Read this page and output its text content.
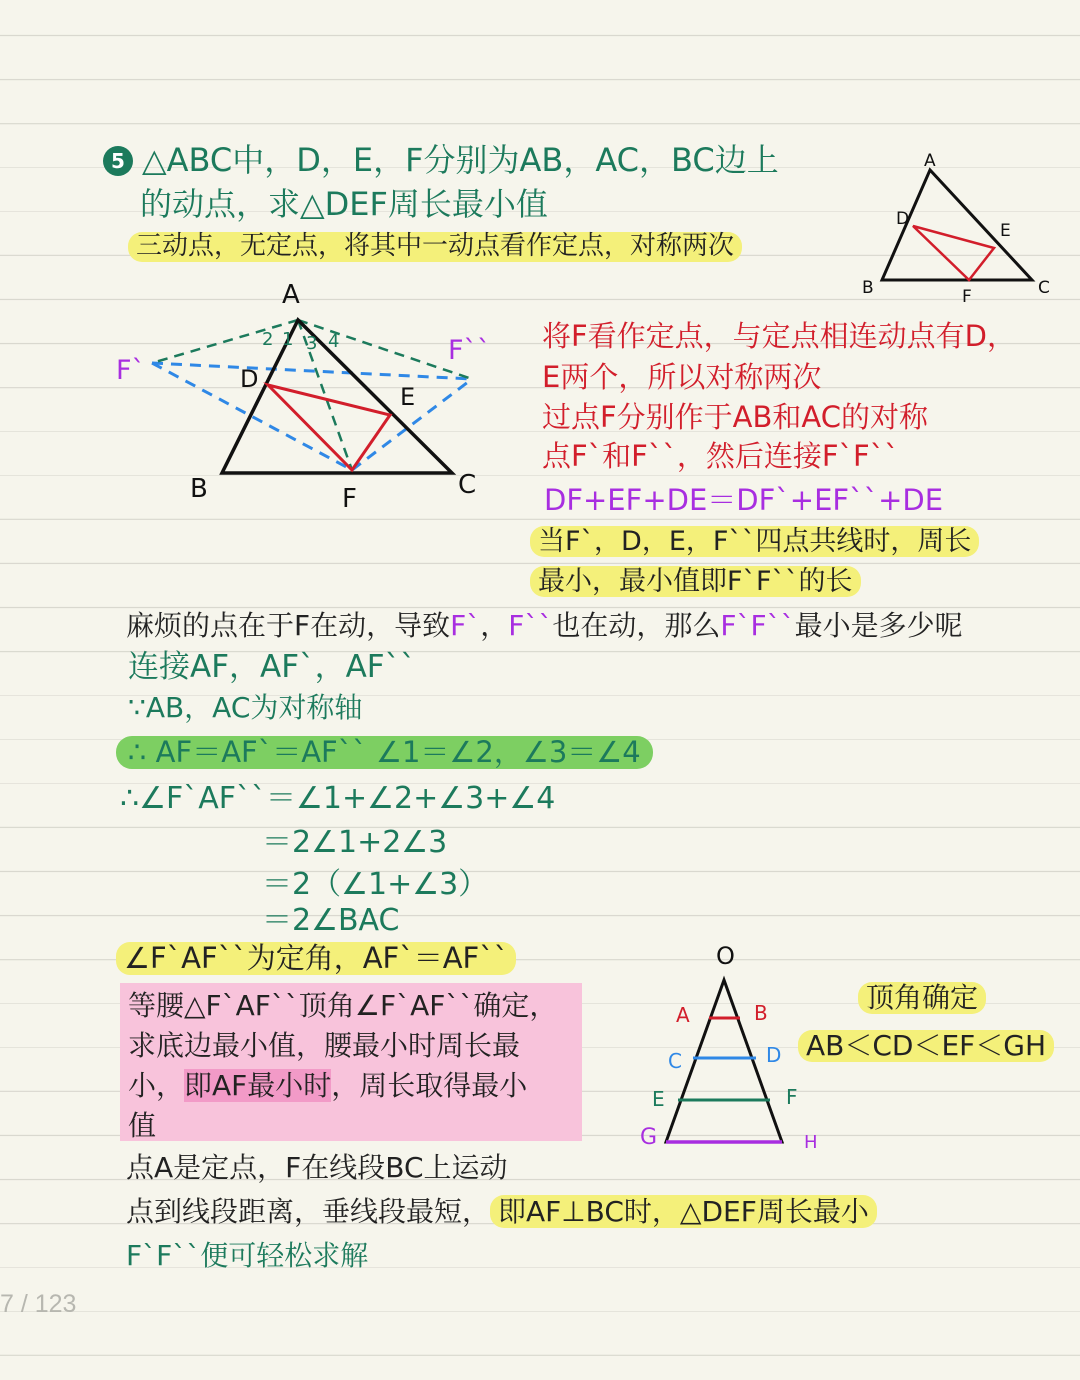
5 △ABC中，D，E，F分别为AB，AC，BC边上
的动点，求△DEF周长最小值
三动点，无定点，将其中一动点看作定点，对称两次
A
B	C
D
E
F
A
B	C
D
E
F
F`
F``
2 1 3 4	将F看作定点，与定点相连动点有D，
E两个，所以对称两次
过点F分别作于AB和AC的对称
点F`和F``，然后连接F`F``
DF+EF+DE＝DF`+EF``+DE
当F`，D，E，F``四点共线时，周长
最小，最小值即F`F``的长
麻烦的点在于F在动，导致F`，F``也在动，那么F`F``最小是多少呢
连接AF，AF`，AF``
∵AB，AC为对称轴
∴ AF＝AF`＝AF`` ∠1＝∠2，∠3＝∠4
∴∠F`AF``＝∠1+∠2+∠3+∠4
＝2∠1+2∠3
＝2（∠1+∠3）
＝2∠BAC
∠F`AF``为定角，AF`＝AF``
等腰△F`AF``顶角∠F`AF``确定，
求底边最小值，腰最小时周长最
小，即AF最小时，周长取得最小
值
点A是定点，F在线段BC上运动
点到线段距离，垂线段最短， 即AF⊥BC时，△DEF周长最小
F`F``便可轻松求解
O
A	B
C	D
E	F
G	H
顶角确定
AB＜CD＜EF＜GH
7 / 123
